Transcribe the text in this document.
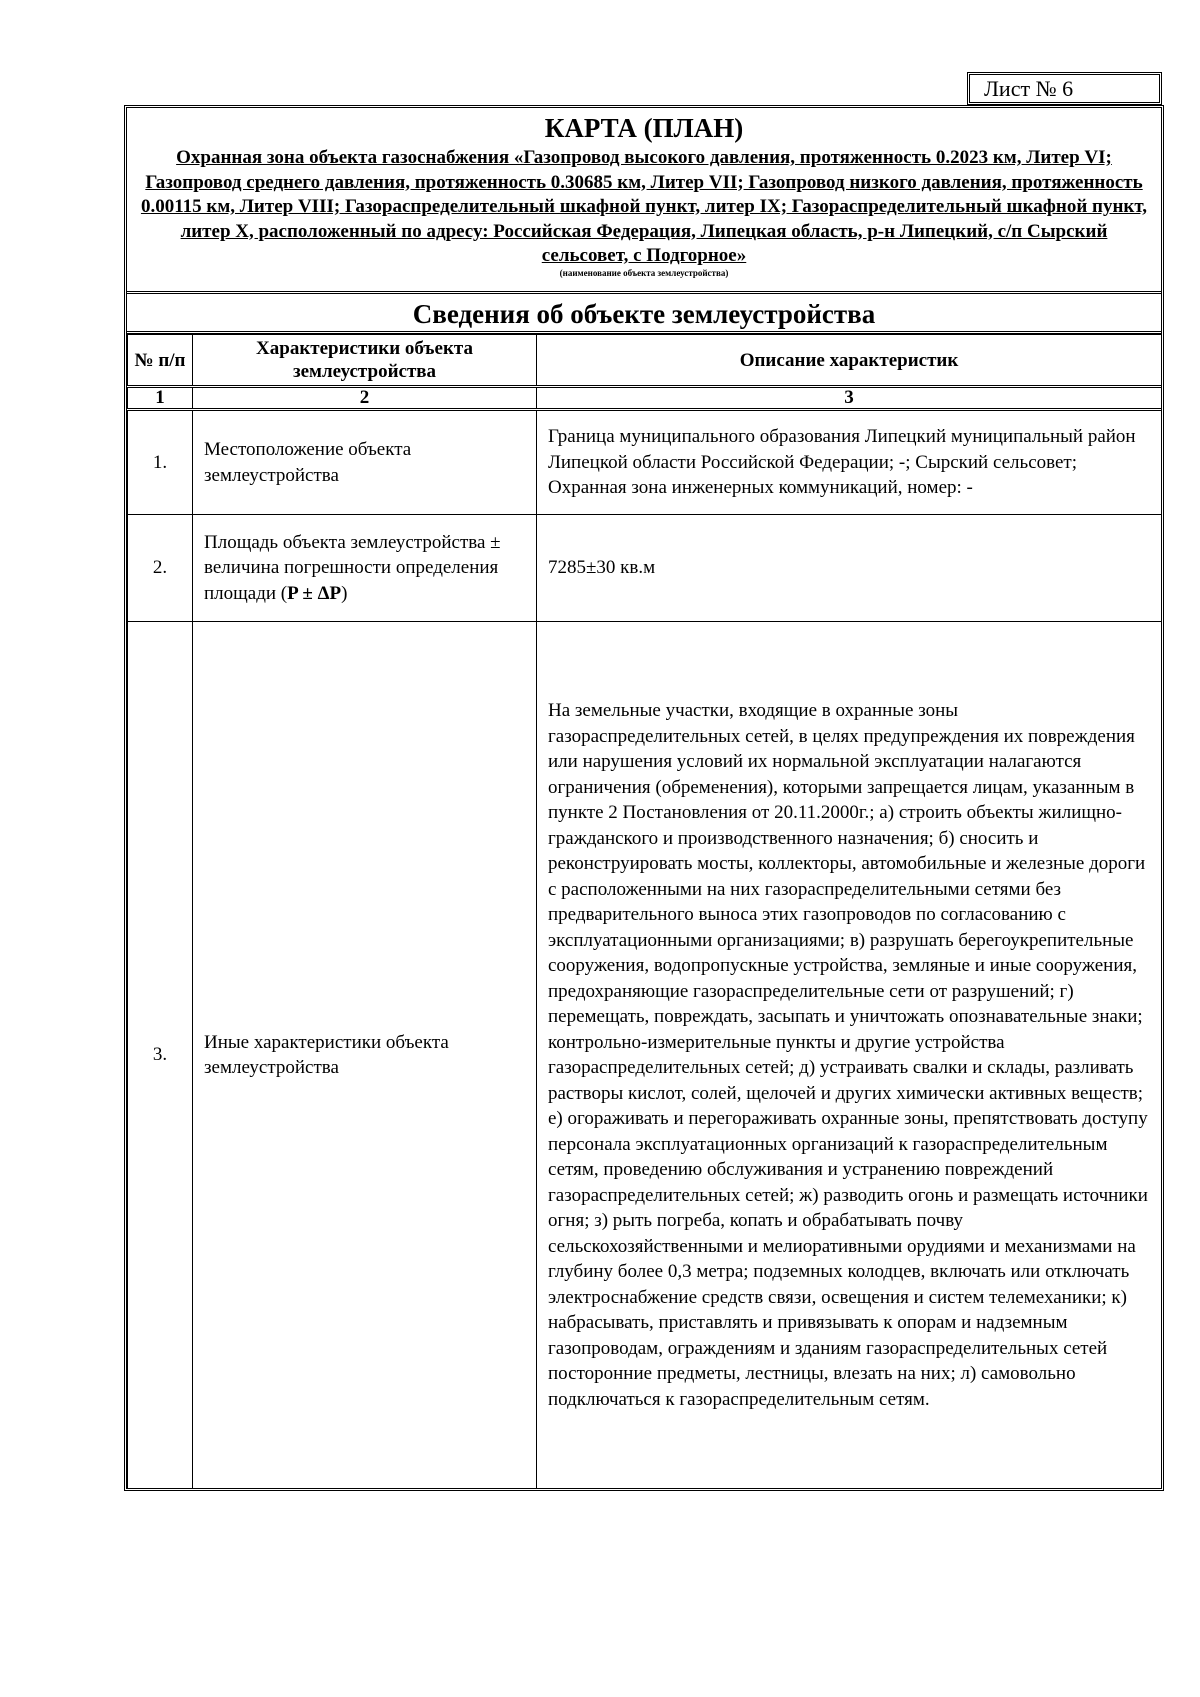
Лист № 6
КАРТА (ПЛАН)
Охранная зона объекта газоснабжения «Газопровод высокого давления, протяженность 0.2023 км, Литер VI; Газопровод среднего давления, протяженность 0.30685 км, Литер VII; Газопровод низкого давления, протяженность 0.00115 км, Литер VIII; Газораспределительный шкафной пункт, литер IX; Газораспределительный шкафной пункт, литер X, расположенный по адресу: Российская Федерация, Липецкая область, р-н Липецкий, с/п Сырский сельсовет, с Подгорное»
(наименование объекта землеустройства)
Сведения об объекте землеустройства
№ п/п	Характеристики объекта землеустройства	Описание характеристик
1	2	3
1.	Местоположение объекта землеустройства	Граница муниципального образования Липецкий муниципальный район Липецкой области Российской Федерации; -; Сырский сельсовет; Охранная зона инженерных коммуникаций, номер: -
2.	Площадь объекта землеустройства ± величина погрешности определения площади (P ± ΔP)	7285±30 кв.м
3.	Иные характеристики объекта землеустройства	На земельные участки, входящие в охранные зоны газораспределительных сетей, в целях предупреждения их повреждения или нарушения условий их нормальной эксплуатации налагаются ограничения (обременения), которыми запрещается лицам, указанным в пункте 2 Постановления от 20.11.2000г.; а) строить объекты жилищно-гражданского и производственного назначения; б) сносить и реконструировать мосты, коллекторы, автомобильные и железные дороги с расположенными на них газораспределительными сетями без предварительного выноса этих газопроводов по согласованию с эксплуатационными организациями; в) разрушать берегоукрепительные сооружения, водопропускные устройства, земляные и иные сооружения, предохраняющие газораспределительные сети от разрушений; г) перемещать, повреждать, засыпать и уничтожать опознавательные знаки; контрольно-измерительные пункты и другие устройства газораспределительных сетей; д) устраивать свалки и склады, разливать растворы кислот, солей, щелочей и других химически активных веществ; е) огораживать и перегораживать охранные зоны, препятствовать доступу персонала эксплуатационных организаций к газораспределительным сетям, проведению обслуживания и устранению повреждений газораспределительных сетей; ж) разводить огонь и размещать источники огня; з) рыть погреба, копать и обрабатывать почву сельскохозяйственными и мелиоративными орудиями и механизмами на глубину более 0,3 метра; подземных колодцев, включать или отключать электроснабжение средств связи, освещения и систем телемеханики; к) набрасывать, приставлять и привязывать к опорам и надземным газопроводам, ограждениям и зданиям газораспределительных сетей посторонние предметы, лестницы, влезать на них; л) самовольно подключаться к газораспределительным сетям.
